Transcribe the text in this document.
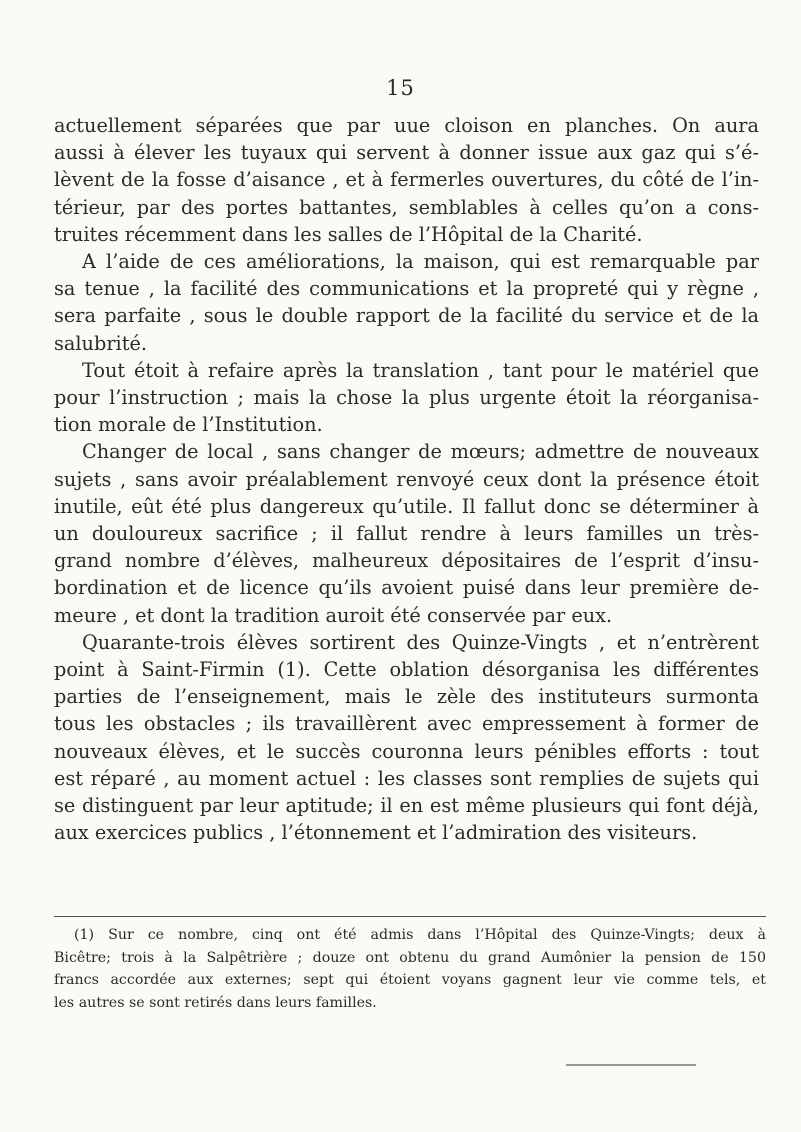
15
actuellement séparées que par uue cloison en planches. On aura
aussi à élever les tuyaux qui servent à donner issue aux gaz qui s’é-
lèvent de la fosse d’aisance , et à fermerles ouvertures, du côté de l’in-
térieur, par des portes battantes, semblables à celles qu’on a cons-
truites récemment dans les salles de l’Hôpital de la Charité.
A l’aide de ces améliorations, la maison, qui est remarquable par
sa tenue , la facilité des communications et la propreté qui y règne ,
sera parfaite , sous le double rapport de la facilité du service et de la
salubrité.
Tout étoit à refaire après la translation , tant pour le matériel que
pour l’instruction ; mais la chose la plus urgente étoit la réorganisa-
tion morale de l’Institution.
Changer de local , sans changer de mœurs; admettre de nouveaux
sujets , sans avoir préalablement renvoyé ceux dont la présence étoit
inutile, eût été plus dangereux qu’utile. Il fallut donc se déterminer à
un douloureux sacrifice ; il fallut rendre à leurs familles un très-
grand nombre d’élèves, malheureux dépositaires de l’esprit d’insu-
bordination et de licence qu’ils avoient puisé dans leur première de-
meure , et dont la tradition auroit été conservée par eux.
Quarante-trois élèves sortirent des Quinze-Vingts , et n’entrèrent
point à Saint-Firmin (1). Cette oblation désorganisa les différentes
parties de l’enseignement, mais le zèle des instituteurs surmonta
tous les obstacles ; ils travaillèrent avec empressement à former de
nouveaux élèves, et le succès couronna leurs pénibles efforts : tout
est réparé , au moment actuel : les classes sont remplies de sujets qui
se distinguent par leur aptitude; il en est même plusieurs qui font déjà,
aux exercices publics , l’étonnement et l’admiration des visiteurs.
(1) Sur ce nombre, cinq ont été admis dans l’Hôpital des Quinze-Vingts; deux à
Bicêtre; trois à la Salpêtrière ; douze ont obtenu du grand Aumônier la pension de 150
francs accordée aux externes; sept qui étoient voyans gagnent leur vie comme tels, et
les autres se sont retirés dans leurs familles.
